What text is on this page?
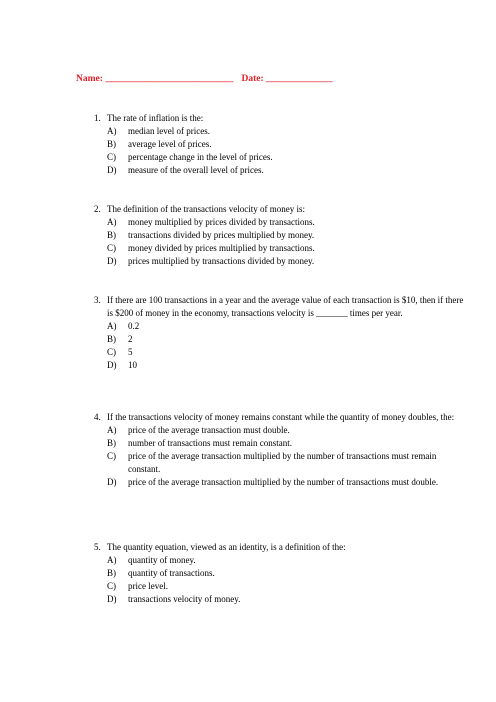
Name: ___________________________ Date: ______________
1. The rate of inflation is the:
A) median level of prices.
B) average level of prices.
C) percentage change in the level of prices.
D) measure of the overall level of prices.
2. The definition of the transactions velocity of money is:
A) money multiplied by prices divided by transactions.
B) transactions divided by prices multiplied by money.
C) money divided by prices multiplied by transactions.
D) prices multiplied by transactions divided by money.
3. If there are 100 transactions in a year and the average value of each transaction is $10, then if there is $200 of money in the economy, transactions velocity is _______ times per year.
A) 0.2
B) 2
C) 5
D) 10
4. If the transactions velocity of money remains constant while the quantity of money doubles, the:
A) price of the average transaction must double.
B) number of transactions must remain constant.
C) price of the average transaction multiplied by the number of transactions must remain constant.
D) price of the average transaction multiplied by the number of transactions must double.
5. The quantity equation, viewed as an identity, is a definition of the:
A) quantity of money.
B) quantity of transactions.
C) price level.
D) transactions velocity of money.
